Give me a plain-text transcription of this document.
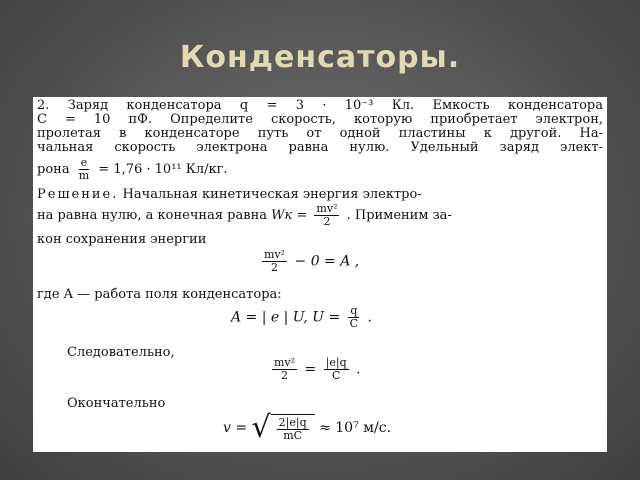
Конденсаторы.
2. Заряд конденсатора q = 3 · 10⁻³ Кл. Емкость конденсатора
С = 10 пФ. Определите скорость, которую приобретает электрон,
пролетая в конденсаторе путь от одной пластины к другой. На-
чальная скорость электрона равна нулю. Удельный заряд элект-
рона $\frac{e}{m} = 1,76 \cdot 10^{11}$ Кл/кг.
Решение. Начальная кинетическая энергия электро-
на равна нулю, а конечная равна Wк = $\frac{\text{mv²}}{2}$ . Применим за-
кон сохранения энергии
$\frac{\text{mv²}}{2} - 0 = A$ ,
где A — работа поля конденсатора:
A = | e | U, $U = \frac{q}{C}$ .
Следовательно,
$\frac{\text{mv²}}{2} = \frac{|e|q}{C}$ .
Окончательно
v = √ $\frac{2|e|q}{mC} \approx 10^7$ м/с.
